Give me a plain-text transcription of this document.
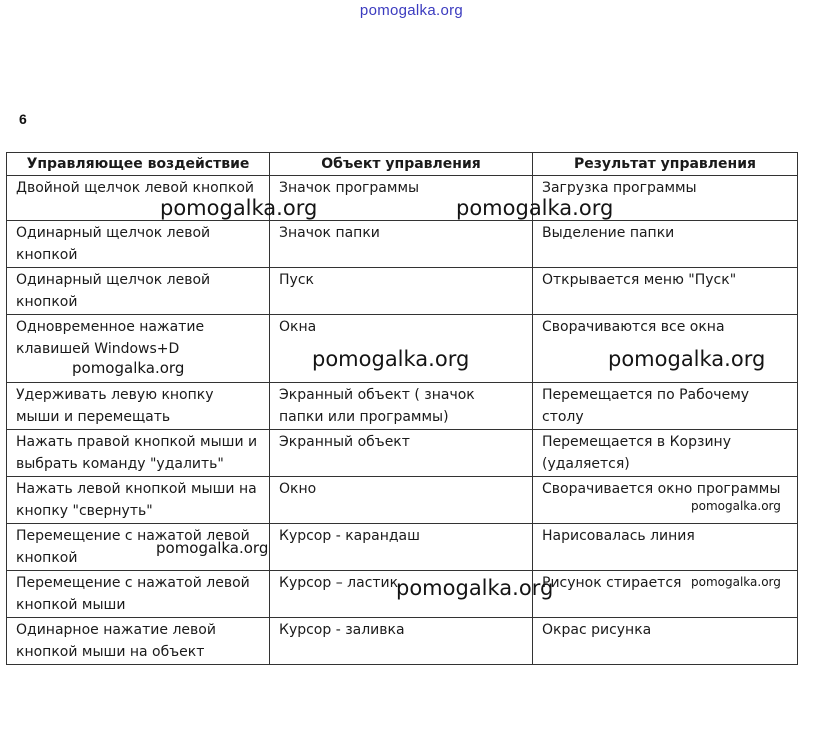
pomogalka.org
6
Управляющее воздействие	Объект управления	Результат управления
Двойной щелчок левой кнопкой	Значок программы	Загрузка программы
Одинарный щелчок левой кнопкой	Значок папки	Выделение папки
Одинарный щелчок левой кнопкой	Пуск	Открывается меню "Пуск"
Одновременное нажатие клавишей Windows+D	Окна	Сворачиваются все окна
Удерживать левую кнопку мыши и перемещать	Экранный объект ( значок папки или программы)	Перемещается по Рабочему столу
Нажать правой кнопкой мыши и выбрать команду "удалить"	Экранный объект	Перемещается в Корзину (удаляется)
Нажать левой кнопкой мыши на кнопку "свернуть"	Окно	Сворачивается окно программы
Перемещение с нажатой левой кнопкой	Курсор - карандаш	Нарисовалась линия
Перемещение с нажатой левой кнопкой мыши	Курсор – ластик	Рисунок стирается
Одинарное нажатие левой кнопкой мыши на объект	Курсор - заливка	Окрас рисунка
pomogalka.org	pomogalka.org
pomogalka.org	pomogalka.org
pomogalka.org
pomogalka.org
pomogalka.org
pomogalka.org	pomogalka.org
